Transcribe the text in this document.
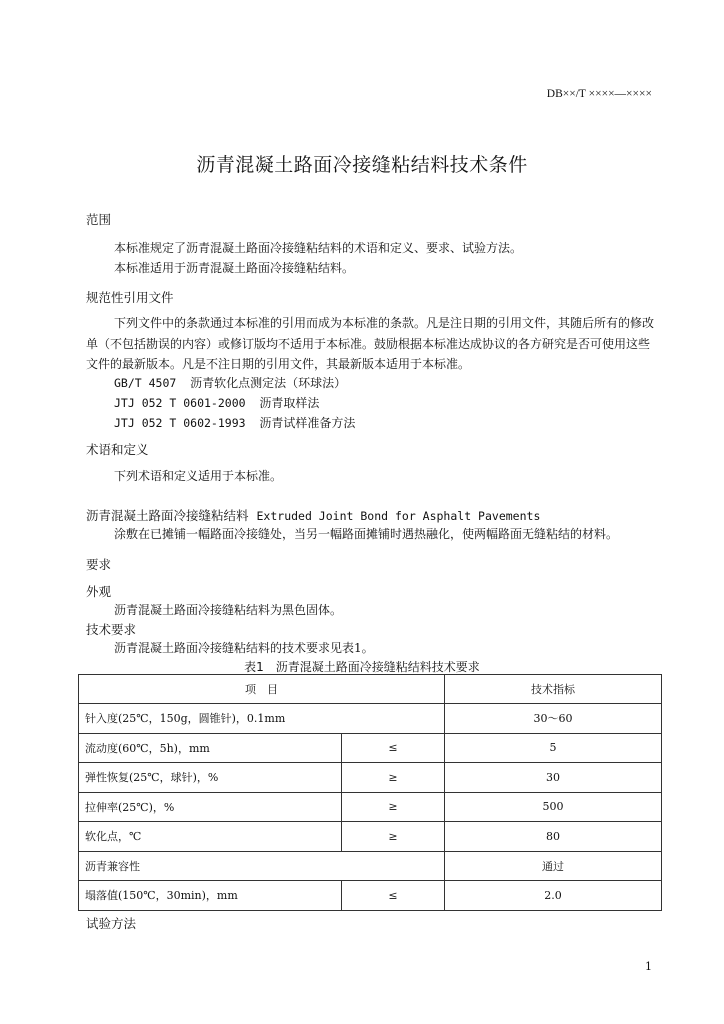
DB××/T ××××—××××
沥青混凝土路面冷接缝粘结料技术条件
范围
本标准规定了沥青混凝土路面冷接缝粘结料的术语和定义、要求、试验方法。
本标准适用于沥青混凝土路面冷接缝粘结料。
规范性引用文件
下列文件中的条款通过本标准的引用而成为本标准的条款。凡是注日期的引用文件，其随后所有的修改单（不包括勘误的内容）或修订版均不适用于本标准。鼓励根据本标准达成协议的各方研究是否可使用这些文件的最新版本。凡是不注日期的引用文件，其最新版本适用于本标准。
GB/T 4507 沥青软化点测定法（环球法）
JTJ 052 T 0601-2000 沥青取样法
JTJ 052 T 0602-1993 沥青试样准备方法
术语和定义
下列术语和定义适用于本标准。
沥青混凝土路面冷接缝粘结料 Extruded Joint Bond for Asphalt Pavements
涂敷在已摊铺一幅路面冷接缝处，当另一幅路面摊铺时遇热融化，使两幅路面无缝粘结的材料。
要求
外观
沥青混凝土路面冷接缝粘结料为黑色固体。
技术要求
沥青混凝土路面冷接缝粘结料的技术要求见表1。
表1　沥青混凝土路面冷接缝粘结料技术要求
项　目		技术指标
针入度(25℃，150g，圆锥针)，0.1mm		30～60
流动度(60℃，5h)，mm	≤	5
弹性恢复(25℃，球针)，%	≥	30
拉伸率(25℃)，%	≥	500
软化点，℃	≥	80
沥青兼容性		通过
塌落值(150℃，30min)，mm	≤	2.0
试验方法
1
